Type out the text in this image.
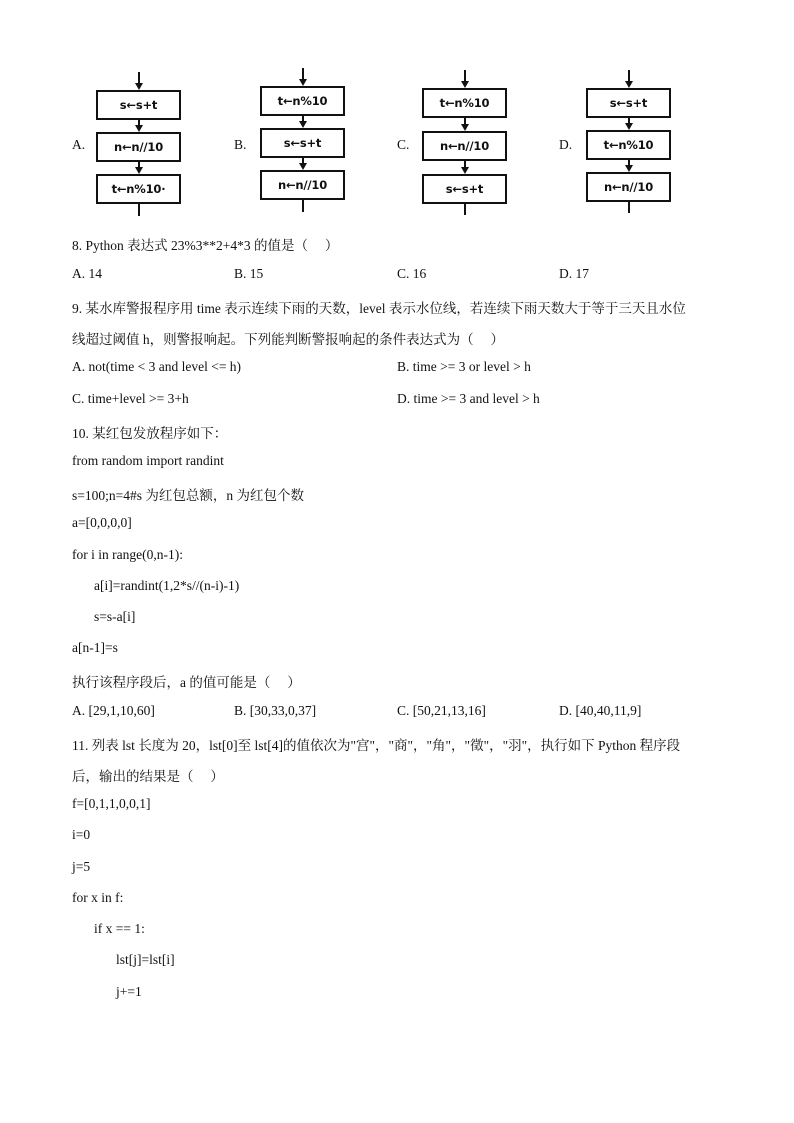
A.
s←s+t
n←n//10
t←n%10·
B.
t←n%10
s←s+t
n←n//10
C.
t←n%10
n←n//10
s←s+t
D.
s←s+t
t←n%10
n←n//10
8. Python 表达式 23%3**2+4*3 的值是（　 ）
A. 14	B. 15	C. 16	D. 17
9. 某水库警报程序用 time 表示连续下雨的天数，level 表示水位线，若连续下雨天数大于等于三天且水位
线超过阈值 h，则警报响起。下列能判断警报响起的条件表达式为（　 ）
A. not(time < 3 and level <= h)	B. time >= 3 or level > h
C. time+level >= 3+h	D. time >= 3 and level > h
10. 某红包发放程序如下：
from random import randint
s=100;n=4#s 为红包总额，n 为红包个数
a=[0,0,0,0]
for i in range(0,n-1):
a[i]=randint(1,2*s//(n-i)-1)
s=s-a[i]
a[n-1]=s
执行该程序段后，a 的值可能是（　 ）
A. [29,1,10,60]	B. [30,33,0,37]	C. [50,21,13,16]	D. [40,40,11,9]
11. 列表 lst 长度为 20，lst[0]至 lst[4]的值依次为"宫"，"商"，"角"，"徵"，"羽"，执行如下 Python 程序段
后，输出的结果是（　 ）
f=[0,1,1,0,0,1]
i=0
j=5
for x in f:
if x == 1:
lst[j]=lst[i]
j+=1
